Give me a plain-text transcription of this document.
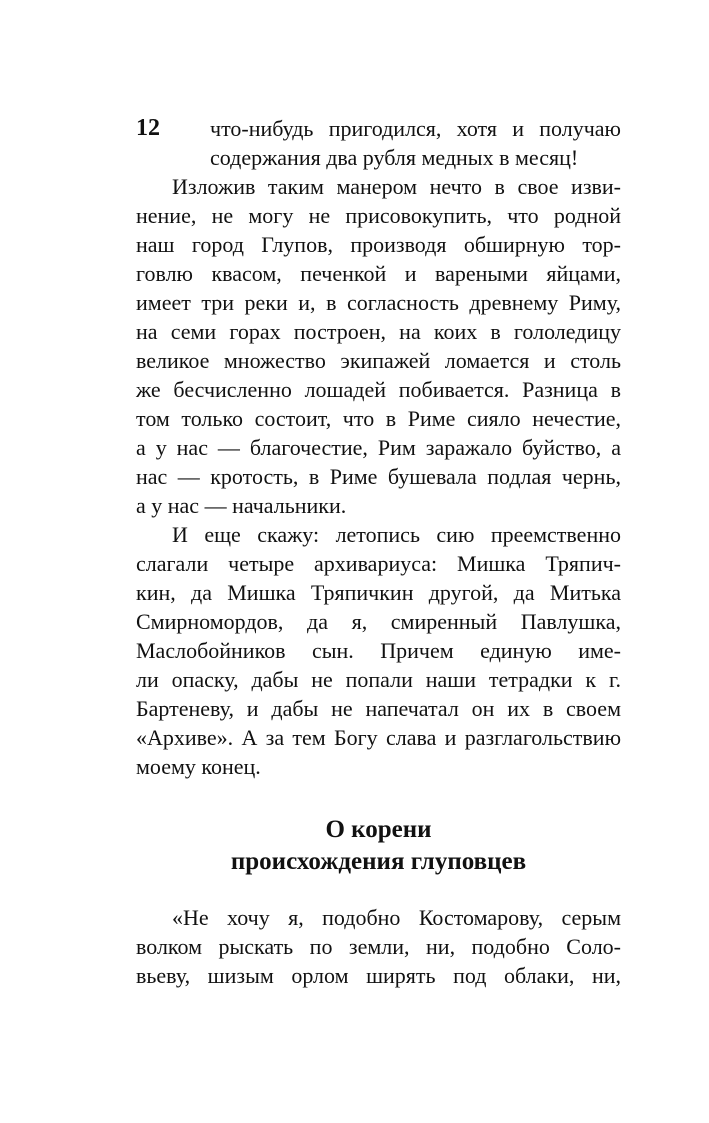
12 что-нибудь пригодился, хотя и получаю
содержания два рубля медных в месяц!
Изложив таким манером нечто в свое изви-
нение, не могу не присовокупить, что родной
наш город Глупов, производя обширную тор-
говлю квасом, печенкой и вареными яйцами,
имеет три реки и, в согласность древнему Риму,
на семи горах построен, на коих в гололедицу
великое множество экипажей ломается и столь
же бесчисленно лошадей побивается. Разница в
том только состоит, что в Риме сияло нечестие,
а у нас — благочестие, Рим заражало буйство, а
нас — кротость, в Риме бушевала подлая чернь,
а у нас — начальники.
И еще скажу: летопись сию преемственно
слагали четыре архивариуса: Мишка Тряпич-
кин, да Мишка Тряпичкин другой, да Митька
Смирномордов, да я, смиренный Павлушка,
Маслобойников сын. Причем единую име-
ли опаску, дабы не попали наши тетрадки к г.
Бартеневу, и дабы не напечатал он их в своем
«Архиве». А за тем Богу слава и разглагольствию
моему конец.
О корени
происхождения глуповцев
«Не хочу я, подобно Костомарову, серым
волком рыскать по земли, ни, подобно Соло-
вьеву, шизым орлом ширять под облаки, ни,
